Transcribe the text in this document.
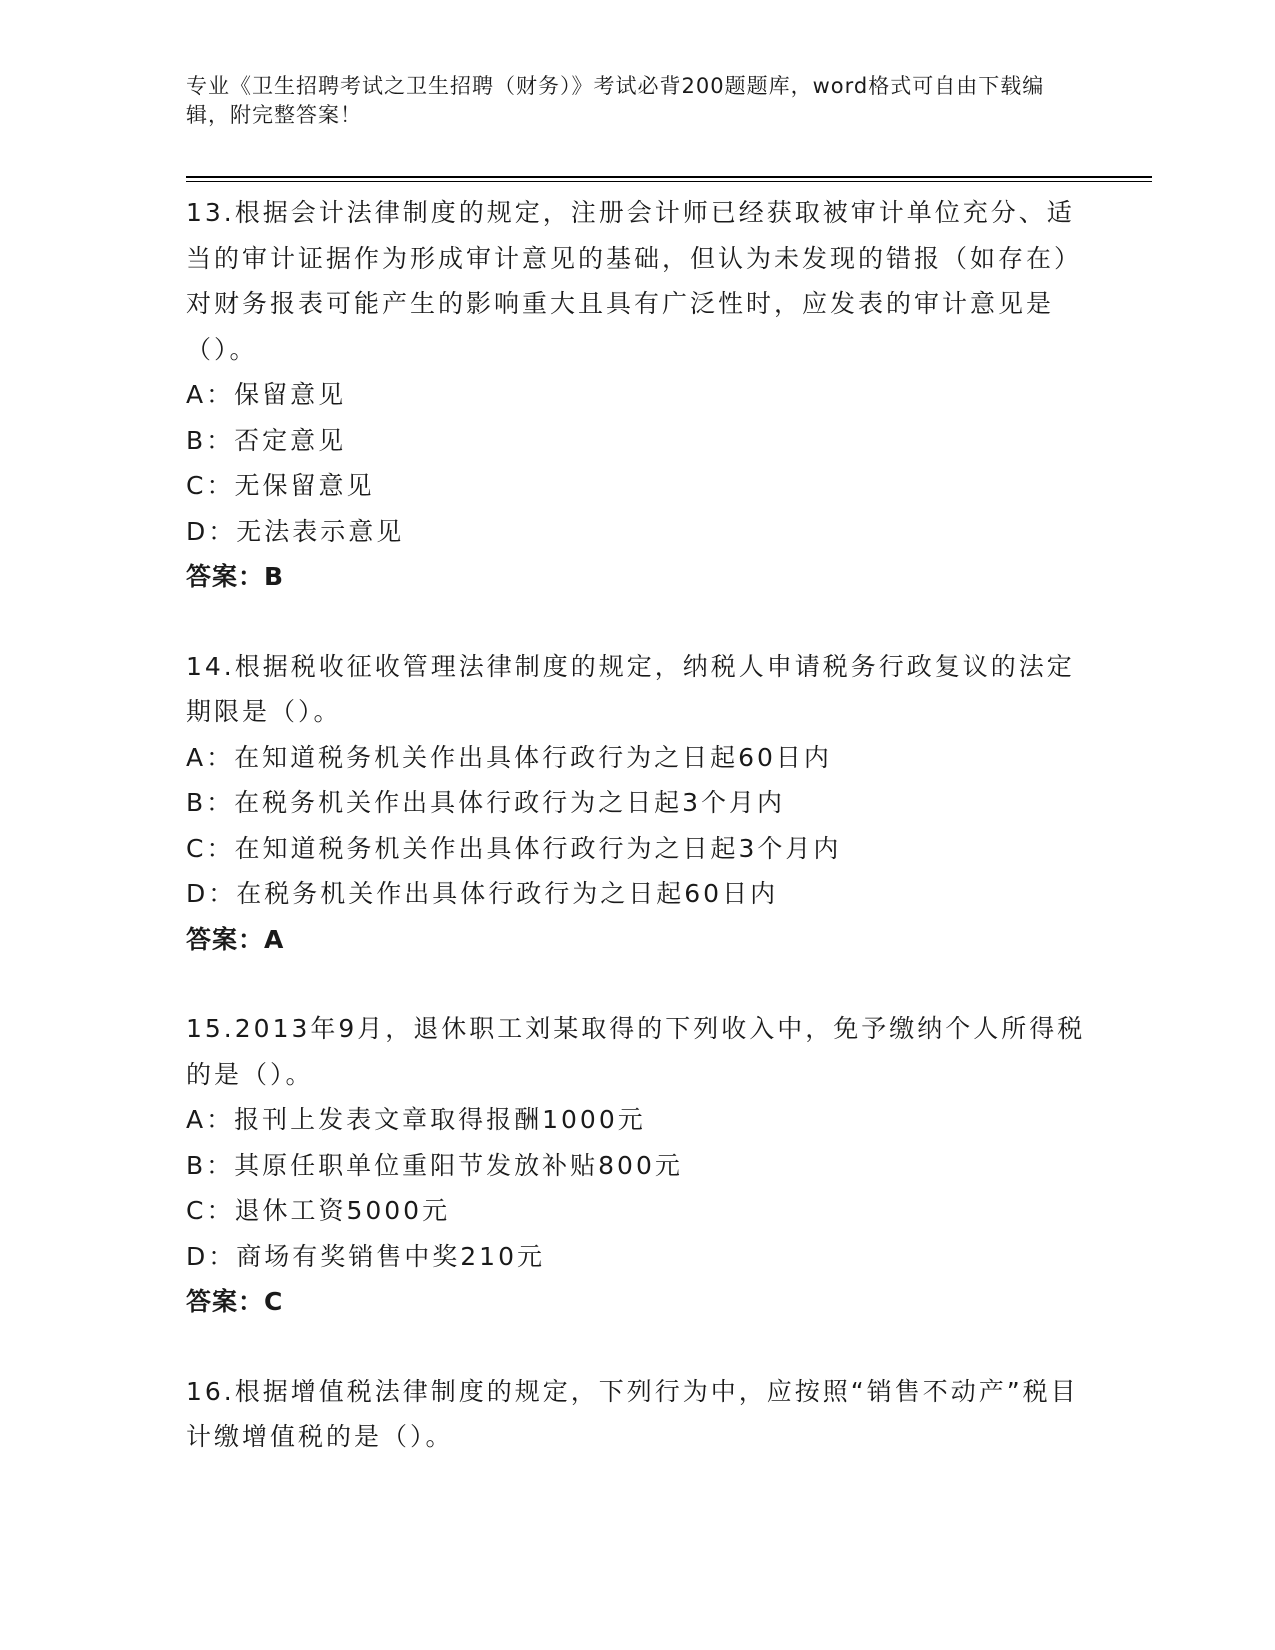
专业《卫生招聘考试之卫生招聘（财务）》考试必背200题题库，word格式可自由下载编辑，附完整答案！

13.根据会计法律制度的规定，注册会计师已经获取被审计单位充分、适当的审计证据作为形成审计意见的基础，但认为未发现的错报（如存在）对财务报表可能产生的影响重大且具有广泛性时，应发表的审计意见是（）。

A：保留意见

B：否定意见

C：无保留意见

D：无法表示意见

答案：B

14.根据税收征收管理法律制度的规定，纳税人申请税务行政复议的法定期限是（）。

A：在知道税务机关作出具体行政行为之日起60日内

B：在税务机关作出具体行政行为之日起3个月内

C：在知道税务机关作出具体行政行为之日起3个月内

D：在税务机关作出具体行政行为之日起60日内

答案：A

15.2013年9月，退休职工刘某取得的下列收入中，免予缴纳个人所得税的是（）。

A：报刊上发表文章取得报酬1000元

B：其原任职单位重阳节发放补贴800元

C：退休工资5000元

D：商场有奖销售中奖210元

答案：C

16.根据增值税法律制度的规定，下列行为中，应按照“销售不动产”税目计缴增值税的是（）。
